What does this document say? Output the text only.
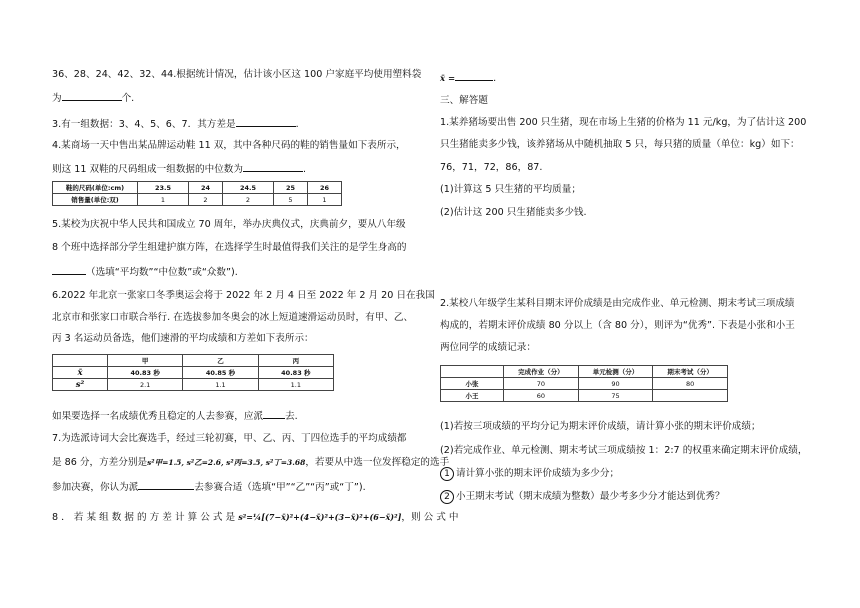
36、28、24、42、32、44.根据统计情况，估计该小区这 100 户家庭平均使用塑料袋
为	个.
3.有一组数据：3、4、5、6、7．其方差是	.
4.某商场一天中售出某品牌运动鞋 11 双，其中各种尺码的鞋的销售量如下表所示，
则这 11 双鞋的尺码组成一组数据的中位数为	.
鞋的尺码(单位:cm)	23.5	24	24.5	25	26
销售量(单位:双)	1	2	2	5	1
5.某校为庆祝中华人民共和国成立 70 周年，举办庆典仪式，庆典前夕，要从八年级
8 个班中选择部分学生组建护旗方阵，在选择学生时最值得我们关注的是学生身高的
（选填“平均数”“中位数”或“众数”).
6.2022 年北京一张家口冬季奥运会将于 2022 年 2 月 4 日至 2022 年 2 月 20 日在我国
北京市和张家口市联合举行. 在选拔参加冬奥会的冰上短道速滑运动员时，有甲、乙、
丙 3 名运动员备选，他们速滑的平均成绩和方差如下表所示：
	甲	乙	丙
x̄	40.83 秒	40.85 秒	40.83 秒
s²	2.1	1.1	1.1
如果要选择一名成绩优秀且稳定的人去参赛，应派 去.
7.为选派诗词大会比赛选手，经过三轮初赛，甲、乙、丙、丁四位选手的平均成绩都
是 86 分，方差分别是s²甲=1.5, s²乙=2.6, s²丙=3.5, s²丁=3.68，若要从中选一位发挥稳定的选手
参加决赛，你认为派	去参赛合适（选填“甲”“乙”“丙”或“丁”).
8 ． 若 某 组 数 据 的 方 差 计 算 公 式 是 s²=¼[(7−x̄)²+(4−x̄)²+(3−x̄)²+(6−x̄)²]，则 公 式 中
x̄ =	.
三、解答题
1.某养猪场要出售 200 只生猪，现在市场上生猪的价格为 11 元/kg，为了估计这 200
只生猪能卖多少钱，该养猪场从中随机抽取 5 只，每只猪的质量（单位：kg）如下：
76，71，72，86，87.
(1)计算这 5 只生猪的平均质量；
(2)估计这 200 只生猪能卖多少钱.
2.某校八年级学生某科目期末评价成绩是由完成作业、单元检测、期末考试三项成绩
构成的，若期末评价成绩 80 分以上（含 80 分），则评为“优秀”. 下表是小张和小王
两位同学的成绩记录：
	完成作业（分）	单元检测（分）	期末考试（分）
小张	70	90	80
小王	60	75	
(1)若按三项成绩的平均分记为期末评价成绩，请计算小张的期末评价成绩；
(2)若完成作业、单元检测、期末考试三项成绩按 1：2:7 的权重来确定期末评价成绩，
1 请计算小张的期末评价成绩为多少分；
2 小王期末考试（期末成绩为整数）最少考多少分才能达到优秀？
